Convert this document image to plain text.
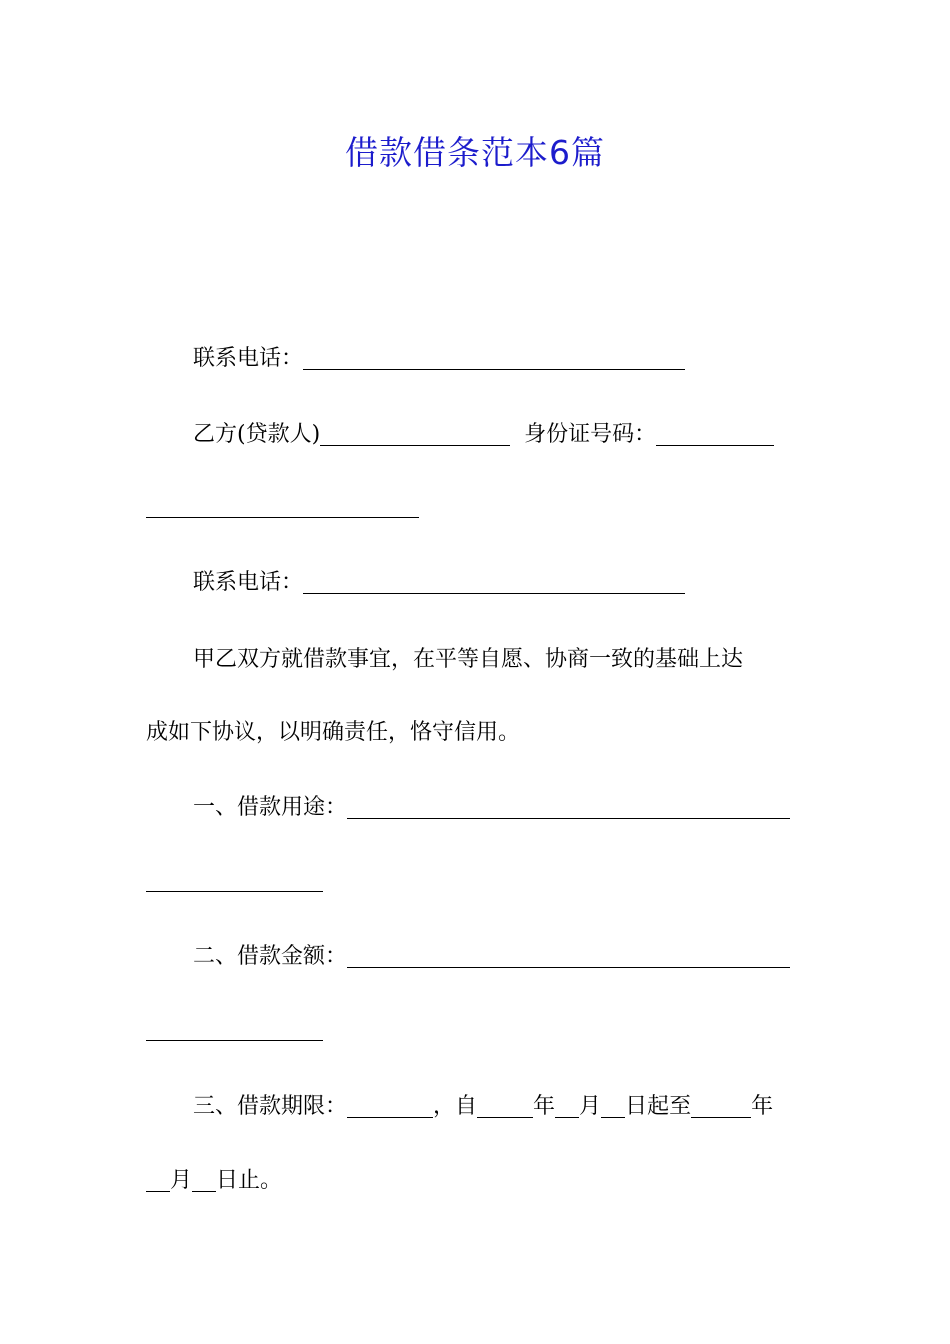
借款借条范本6篇
联系电话：
乙方(贷款人)	身份证号码：
联系电话：
甲乙双方就借款事宜，在平等自愿、协商一致的基础上达
成如下协议，以明确责任，恪守信用。
一、借款用途：
二、借款金额：
三、借款期限：	，自	年 月 日起至	年
月 日止。
